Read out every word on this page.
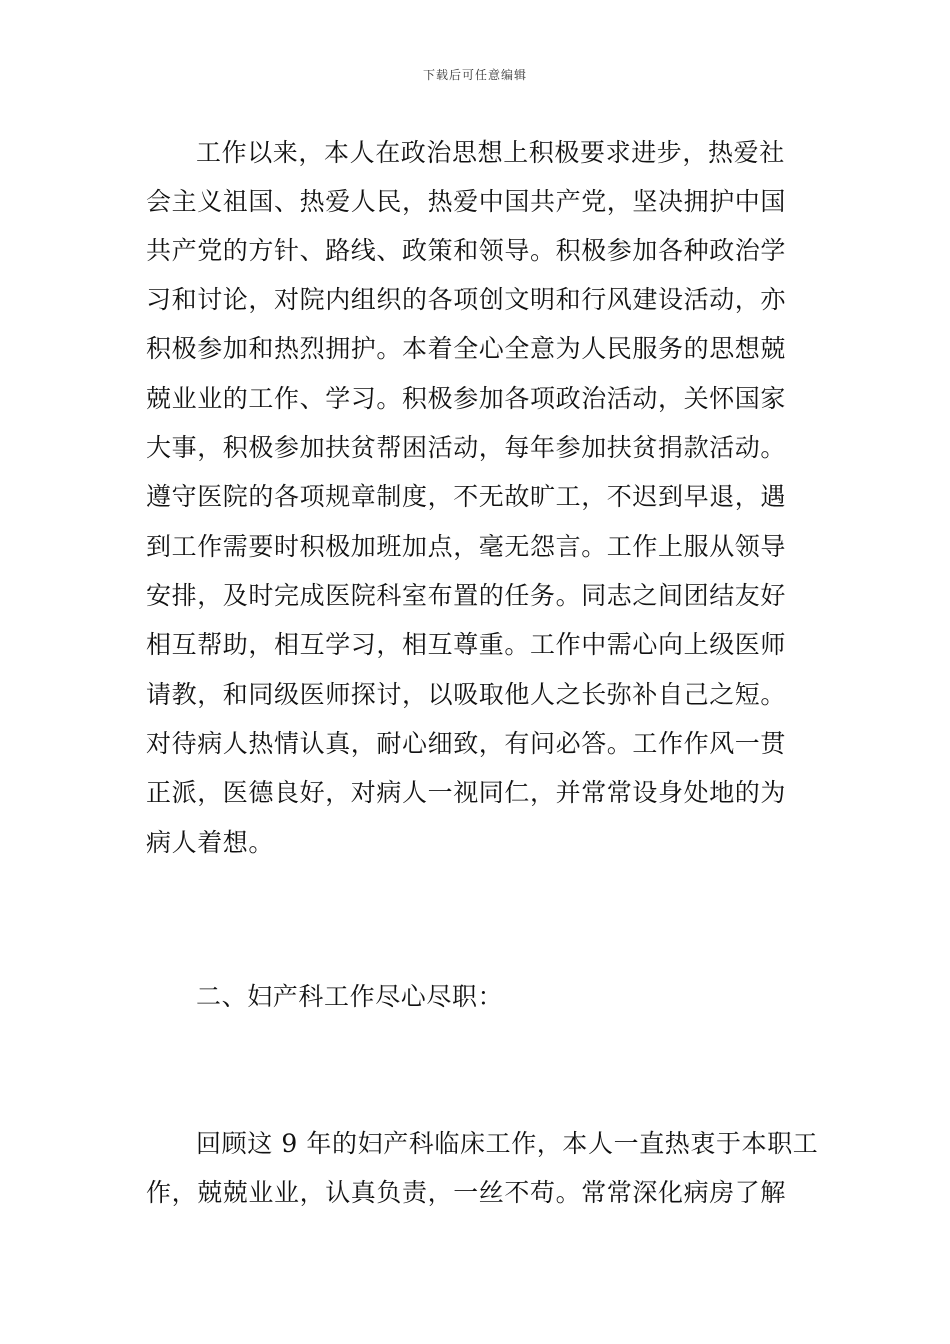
下载后可任意编辑
工作以来，本人在政治思想上积极要求进步，热爱社
会主义祖国、热爱人民，热爱中国共产党，坚决拥护中国
共产党的方针、路线、政策和领导。积极参加各种政治学
习和讨论，对院内组织的各项创文明和行风建设活动，亦
积极参加和热烈拥护。本着全心全意为人民服务的思想兢
兢业业的工作、学习。积极参加各项政治活动，关怀国家
大事，积极参加扶贫帮困活动，每年参加扶贫捐款活动。
遵守医院的各项规章制度，不无故旷工，不迟到早退，遇
到工作需要时积极加班加点，毫无怨言。工作上服从领导
安排，及时完成医院科室布置的任务。同志之间团结友好
相互帮助，相互学习，相互尊重。工作中需心向上级医师
请教，和同级医师探讨，以吸取他人之长弥补自己之短。
对待病人热情认真，耐心细致，有问必答。工作作风一贯
正派，医德良好，对病人一视同仁，并常常设身处地的为
病人着想。
二、妇产科工作尽心尽职：
回顾这 9 年的妇产科临床工作，本人一直热衷于本职工
作，兢兢业业，认真负责，一丝不苟。常常深化病房了解
